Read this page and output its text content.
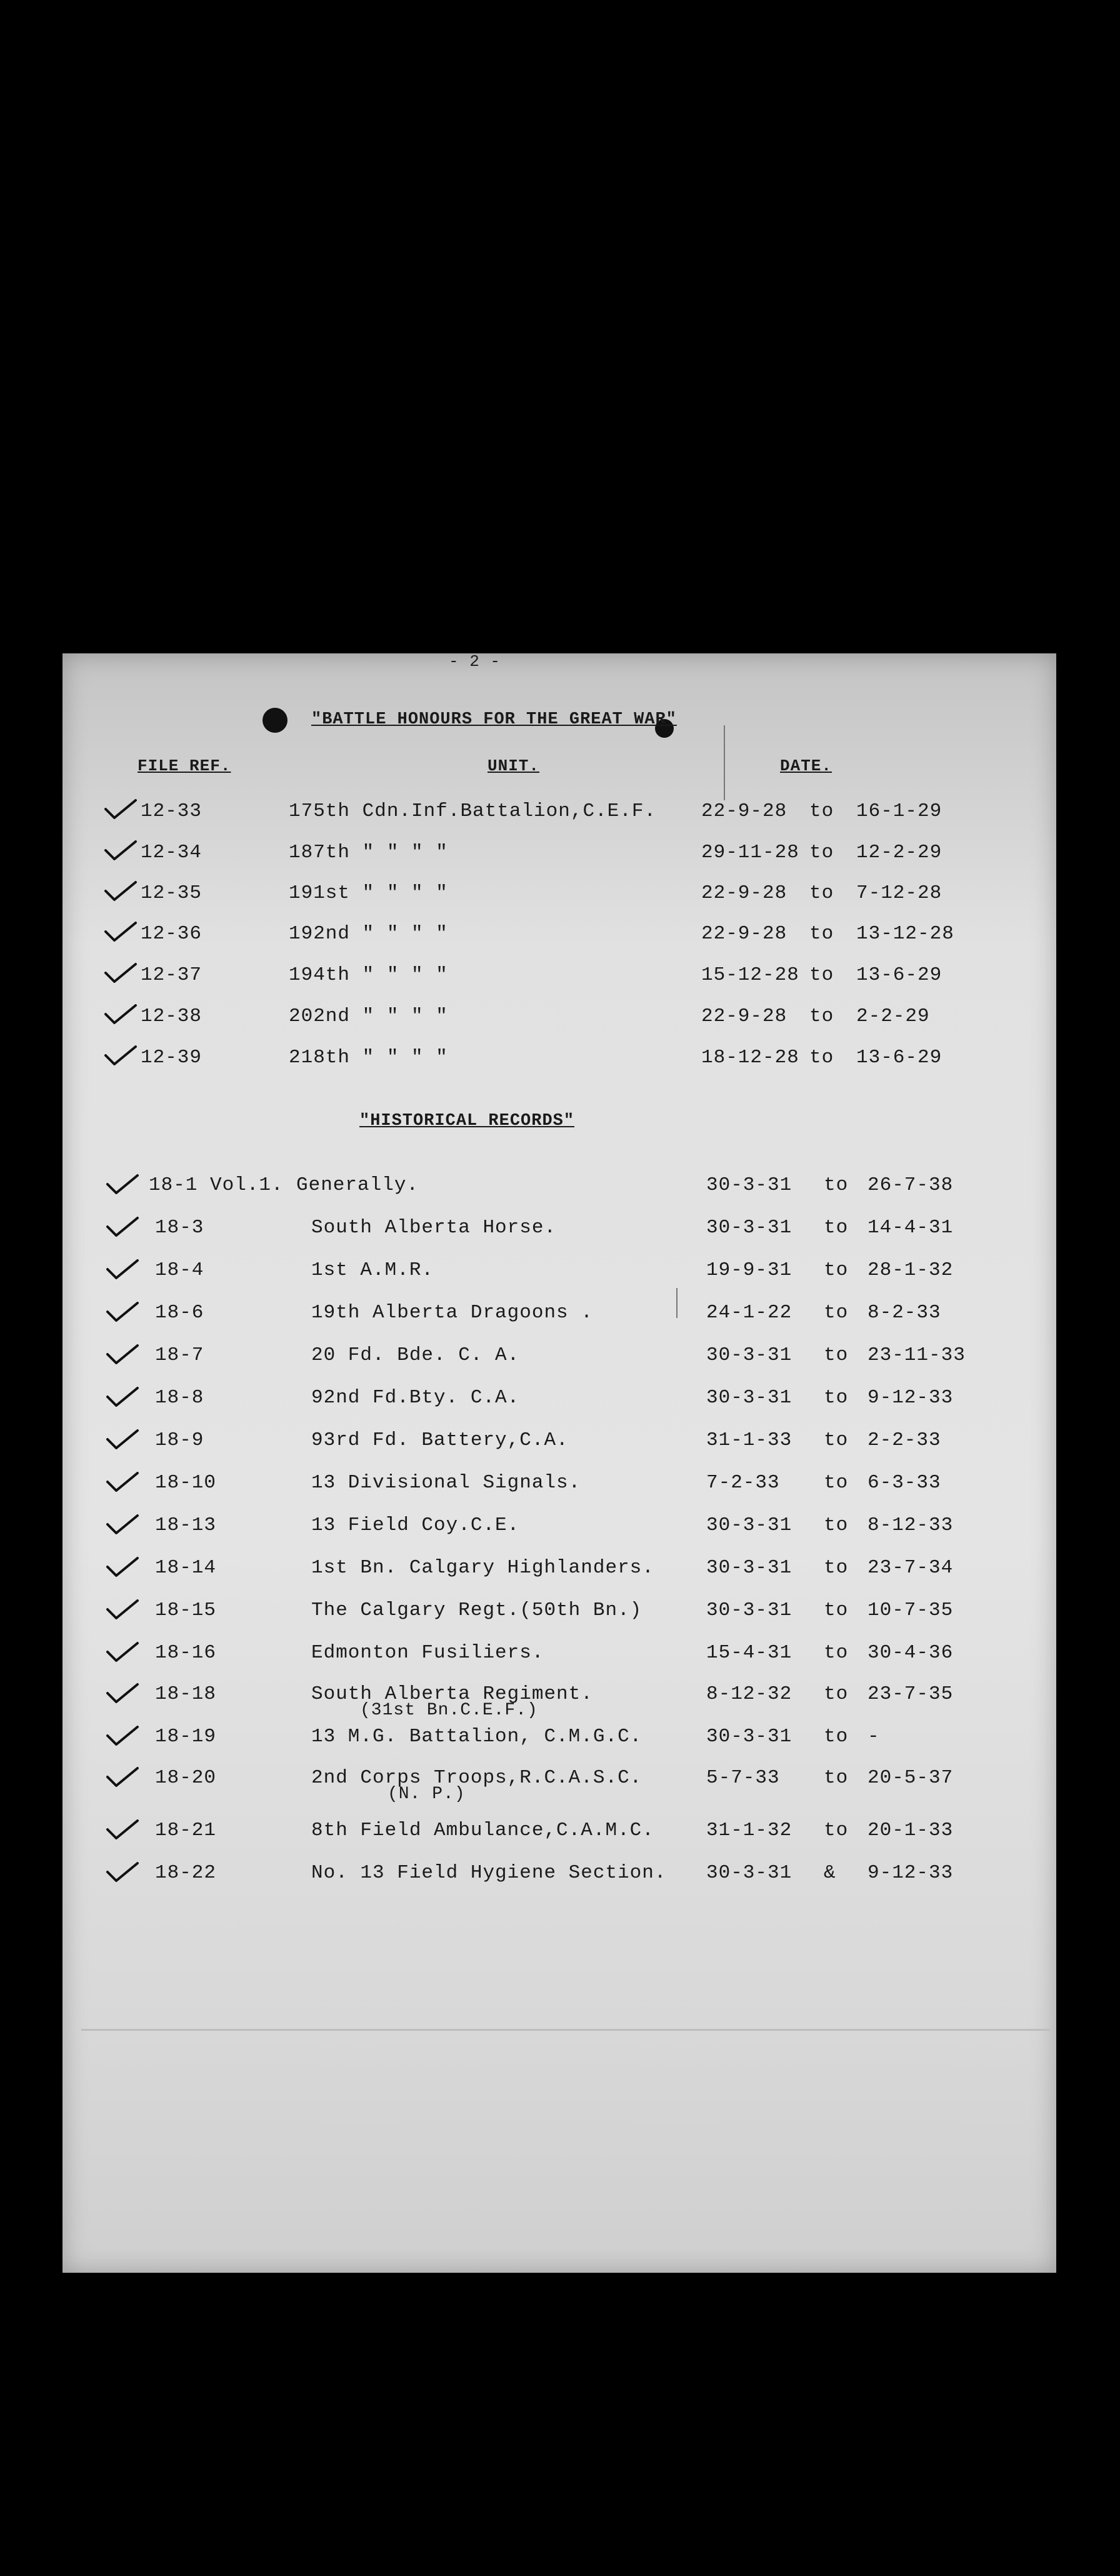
- 2 -
"BATTLE HONOURS FOR THE GREAT WAR"
FILE REF.	UNIT.	DATE.
"HISTORICAL RECORDS"
12-33	175th Cdn.Inf.Battalion,C.E.F. 22-9-28 to 16-1-29
12-34	187th " " " "	29-11-28 to 12-2-29
12-35	191st " " " "	22-9-28 to 7-12-28
12-36	192nd " " " "	22-9-28 to 13-12-28
12-37	194th " " " "	15-12-28 to 13-6-29
12-38	202nd " " " "	22-9-28 to 2-2-29
12-39	218th " " " "	18-12-28 to 13-6-29
18-1 Vol.1. Generally.	30-3-31 to 26-7-38
18-3	South Alberta Horse.	30-3-31 to 14-4-31
18-4	1st A.M.R.	19-9-31 to 28-1-32
18-6	19th Alberta Dragoons .	24-1-22 to 8-2-33
18-7	20 Fd. Bde. C. A.	30-3-31 to 23-11-33
18-8	92nd Fd.Bty. C.A.	30-3-31 to 9-12-33
18-9	93rd Fd. Battery,C.A.	31-1-33 to 2-2-33
18-10	13 Divisional Signals.	7-2-33 to 6-3-33
18-13	13 Field Coy.C.E.	30-3-31 to 8-12-33
18-14	1st Bn. Calgary Highlanders.	30-3-31 to 23-7-34
18-15	The Calgary Regt.(50th Bn.)	30-3-31 to 10-7-35
18-16	Edmonton Fusiliers.	15-4-31 to 30-4-36
18-18	South Alberta Regiment.
(31st Bn.C.E.F.)
8-12-32 to 23-7-35
18-19	13 M.G. Battalion, C.M.G.C.	30-3-31 to -
18-20	2nd Corps Troops,R.C.A.S.C.
(N. P.)
5-7-33 to 20-5-37
18-21	8th Field Ambulance,C.A.M.C.	31-1-32 to 20-1-33
18-22	No. 13 Field Hygiene Section. 30-3-31 & 9-12-33
